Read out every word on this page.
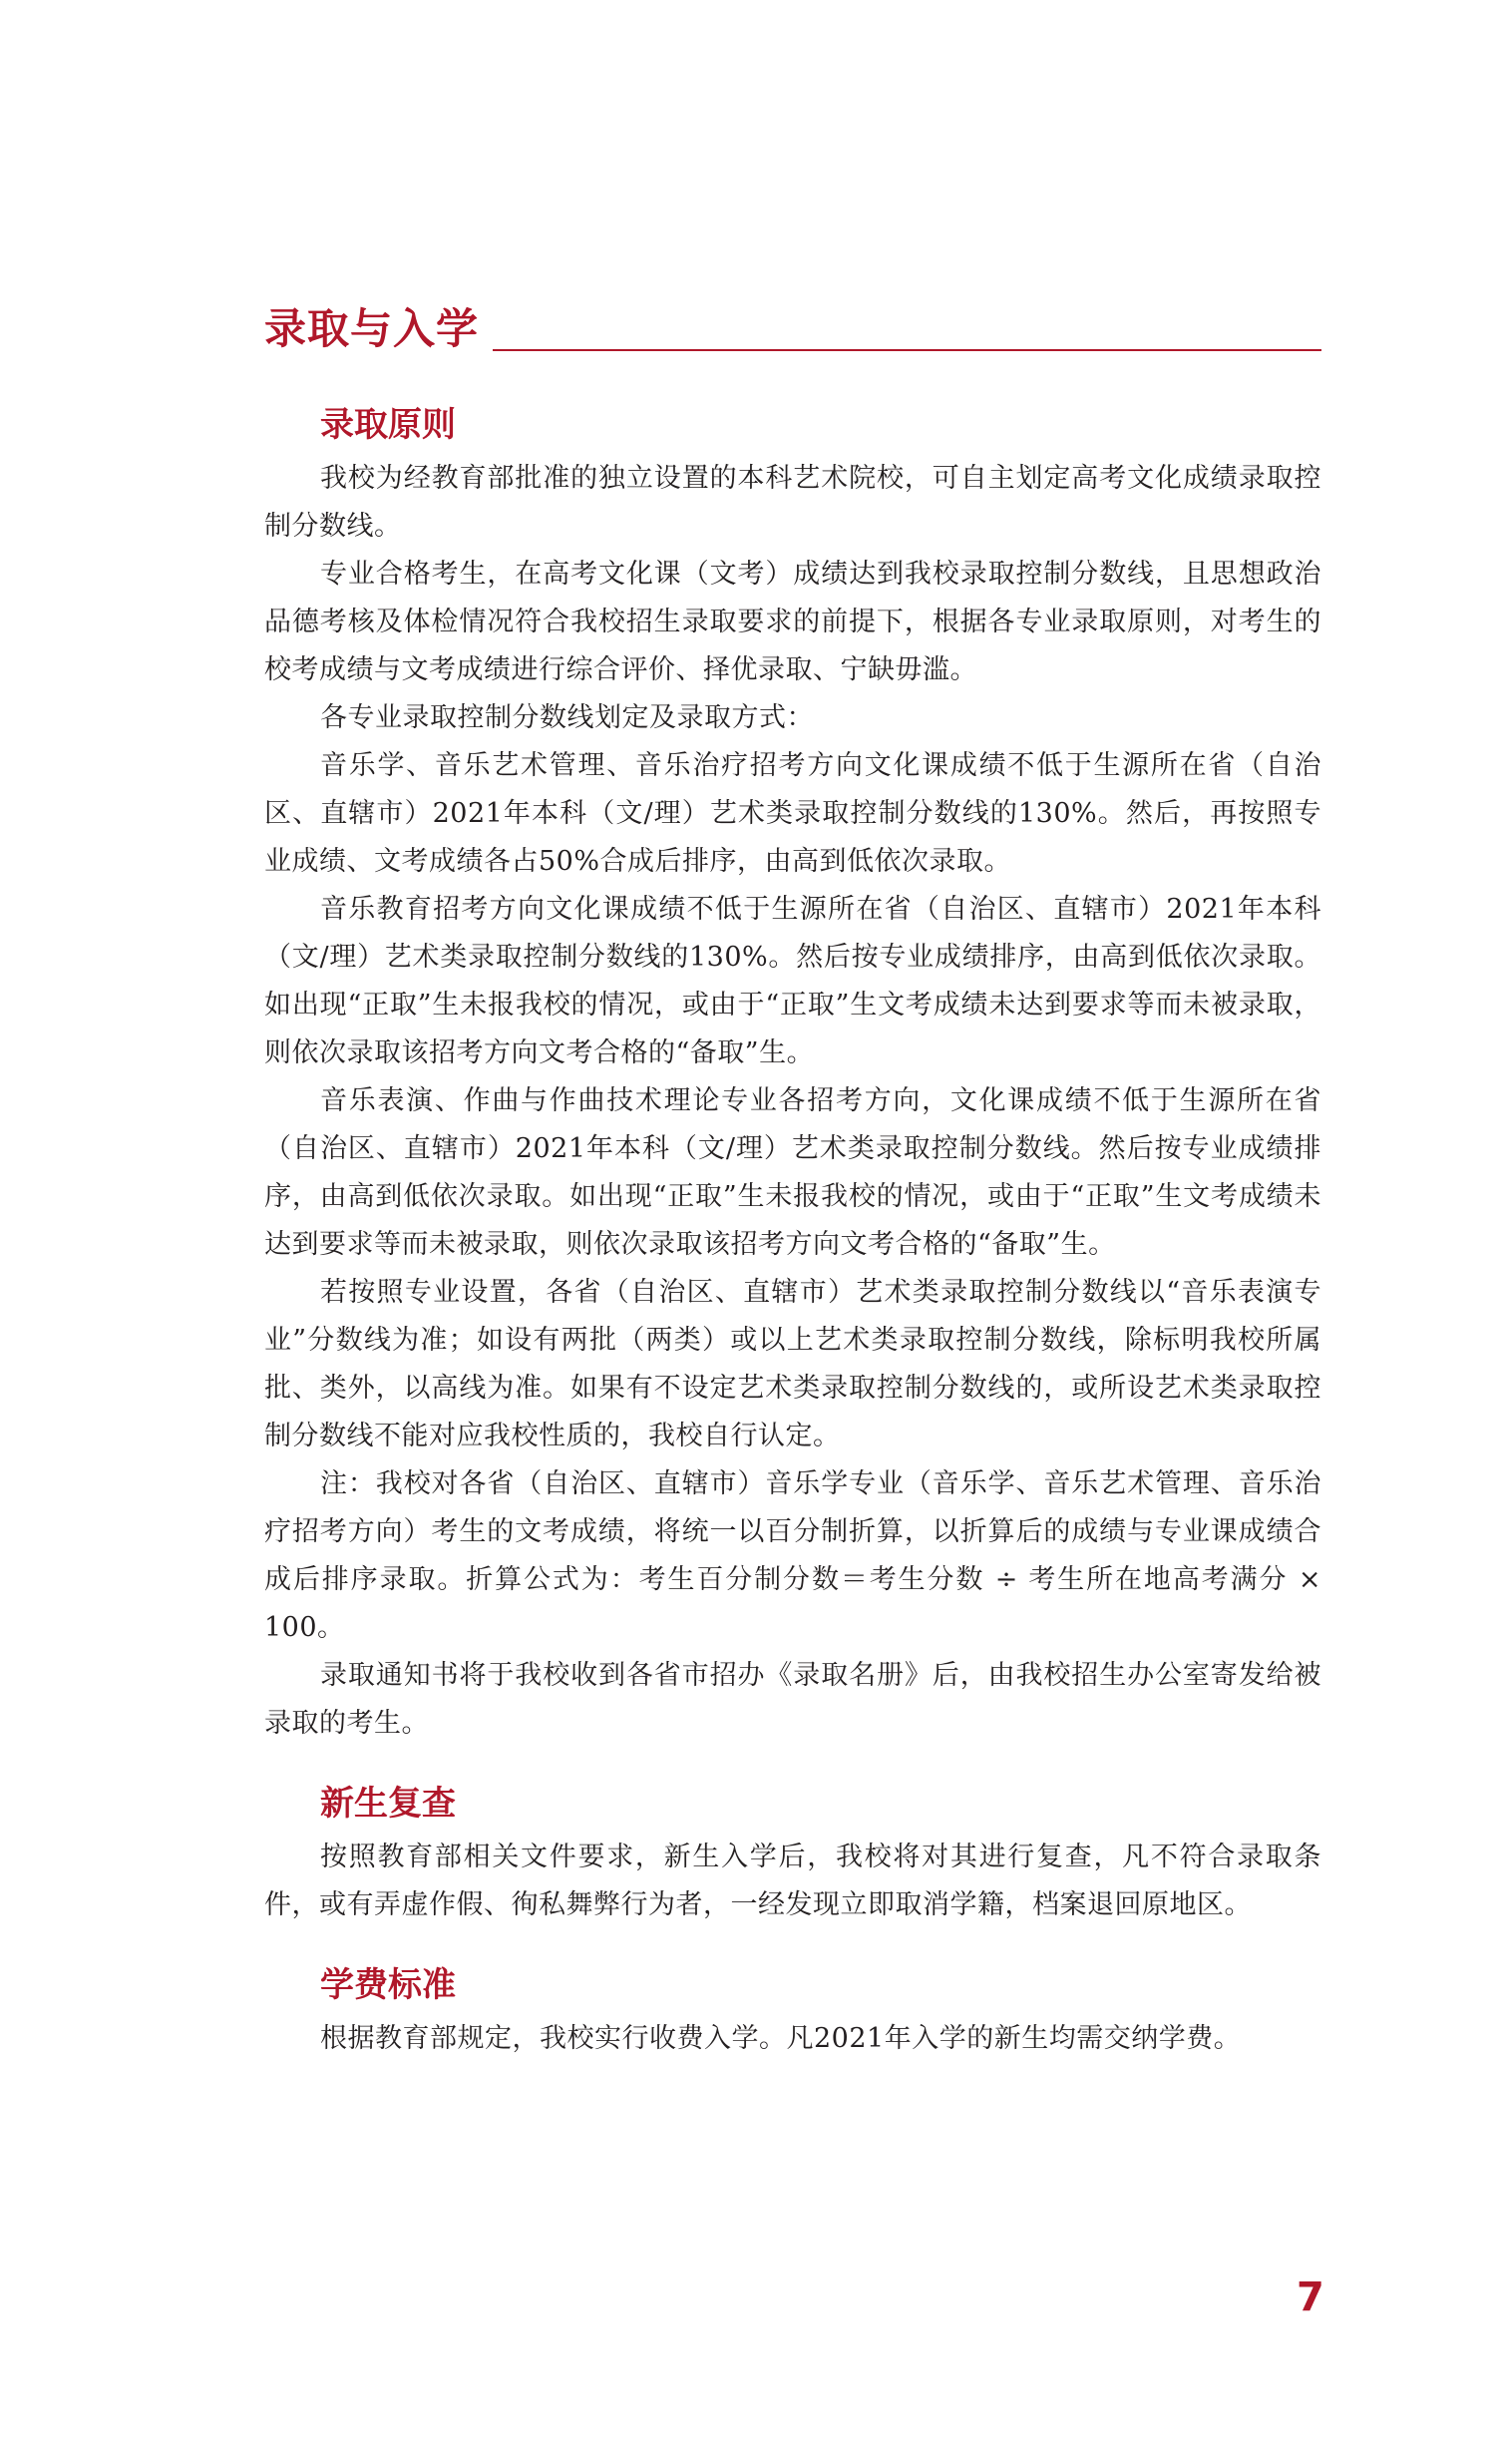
录取与入学
录取原则

我校为经教育部批准的独立设置的本科艺术院校，可自主划定高考文化成绩录取控制分数线。

专业合格考生，在高考文化课（文考）成绩达到我校录取控制分数线，且思想政治品德考核及体检情况符合我校招生录取要求的前提下，根据各专业录取原则，对考生的校考成绩与文考成绩进行综合评价、择优录取、宁缺毋滥。

各专业录取控制分数线划定及录取方式：

音乐学、音乐艺术管理、音乐治疗招考方向文化课成绩不低于生源所在省（自治区、直辖市）2021年本科（文/理）艺术类录取控制分数线的130%。然后，再按照专业成绩、文考成绩各占50%合成后排序，由高到低依次录取。

音乐教育招考方向文化课成绩不低于生源所在省（自治区、直辖市）2021年本科（文/理）艺术类录取控制分数线的130%。然后按专业成绩排序，由高到低依次录取。如出现“正取”生未报我校的情况，或由于“正取”生文考成绩未达到要求等而未被录取，则依次录取该招考方向文考合格的“备取”生。

音乐表演、作曲与作曲技术理论专业各招考方向，文化课成绩不低于生源所在省（自治区、直辖市）2021年本科（文/理）艺术类录取控制分数线。然后按专业成绩排序，由高到低依次录取。如出现“正取”生未报我校的情况，或由于“正取”生文考成绩未达到要求等而未被录取，则依次录取该招考方向文考合格的“备取”生。

若按照专业设置，各省（自治区、直辖市）艺术类录取控制分数线以“音乐表演专业”分数线为准；如设有两批（两类）或以上艺术类录取控制分数线，除标明我校所属批、类外，以高线为准。如果有不设定艺术类录取控制分数线的，或所设艺术类录取控制分数线不能对应我校性质的，我校自行认定。

注：我校对各省（自治区、直辖市）音乐学专业（音乐学、音乐艺术管理、音乐治疗招考方向）考生的文考成绩，将统一以百分制折算，以折算后的成绩与专业课成绩合成后排序录取。折算公式为：考生百分制分数＝考生分数 ÷ 考生所在地高考满分 × 100。

录取通知书将于我校收到各省市招办《录取名册》后，由我校招生办公室寄发给被录取的考生。

新生复查

按照教育部相关文件要求，新生入学后，我校将对其进行复查，凡不符合录取条件，或有弄虚作假、徇私舞弊行为者，一经发现立即取消学籍，档案退回原地区。

学费标准

根据教育部规定，我校实行收费入学。凡2021年入学的新生均需交纳学费。

7
